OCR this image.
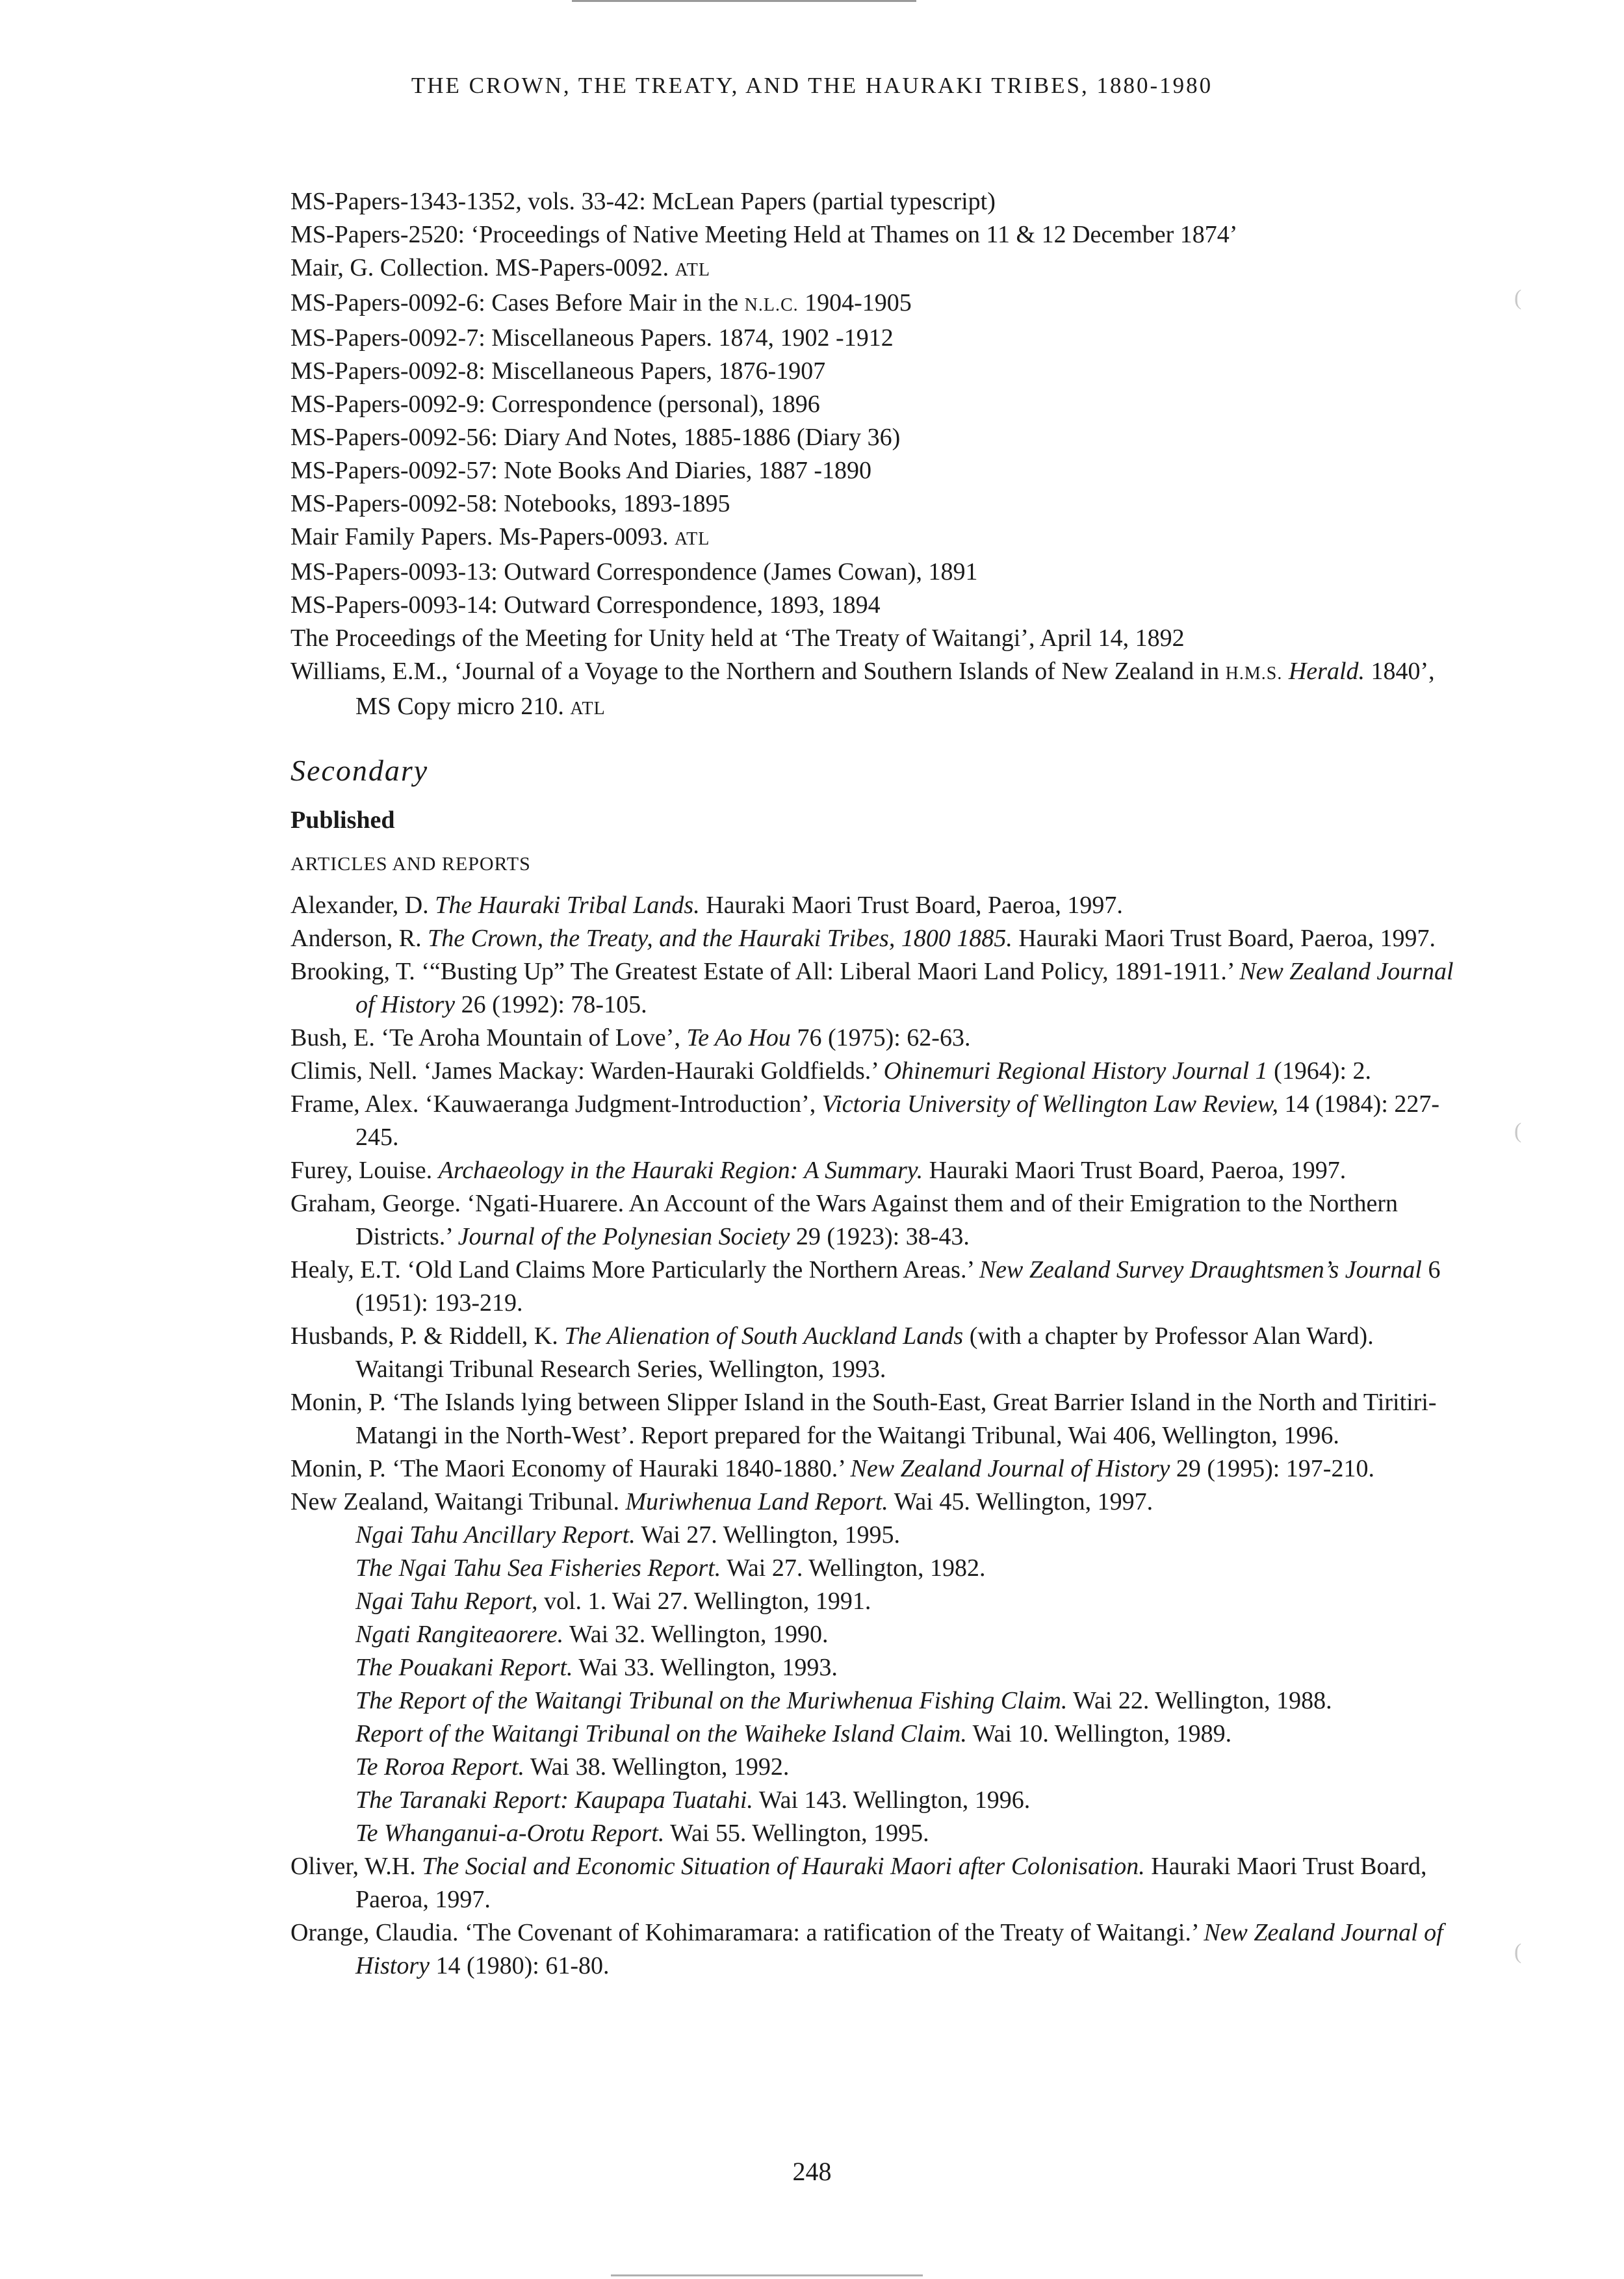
THE CROWN, THE TREATY, AND THE HAURAKI TRIBES, 1880-1980

MS-Papers-1343-1352, vols. 33-42: McLean Papers (partial typescript)

MS-Papers-2520: ‘Proceedings of Native Meeting Held at Thames on 11 & 12 December 1874’

Mair, G. Collection. MS-Papers-0092. ATL

MS-Papers-0092-6: Cases Before Mair in the N.L.C. 1904-1905

MS-Papers-0092-7: Miscellaneous Papers. 1874, 1902 -1912

MS-Papers-0092-8: Miscellaneous Papers, 1876-1907

MS-Papers-0092-9: Correspondence (personal), 1896

MS-Papers-0092-56: Diary And Notes, 1885-1886 (Diary 36)

MS-Papers-0092-57: Note Books And Diaries, 1887 -1890

MS-Papers-0092-58: Notebooks, 1893-1895

Mair Family Papers. Ms-Papers-0093. ATL

MS-Papers-0093-13: Outward Correspondence (James Cowan), 1891

MS-Papers-0093-14: Outward Correspondence, 1893, 1894

The Proceedings of the Meeting for Unity held at ‘The Treaty of Waitangi’, April 14, 1892

Williams, E.M., ‘Journal of a Voyage to the Northern and Southern Islands of New Zealand in H.M.S. Herald. 1840’, MS Copy micro 210. ATL

Secondary
Published
ARTICLES AND REPORTS

Alexander, D. The Hauraki Tribal Lands. Hauraki Maori Trust Board, Paeroa, 1997.

Anderson, R. The Crown, the Treaty, and the Hauraki Tribes, 1800 1885. Hauraki Maori Trust Board, Paeroa, 1997.

Brooking, T. ‘“Busting Up” The Greatest Estate of All: Liberal Maori Land Policy, 1891-1911.’ New Zealand Journal of History 26 (1992): 78-105.

Bush, E. ‘Te Aroha Mountain of Love’, Te Ao Hou 76 (1975): 62-63.

Climis, Nell. ‘James Mackay: Warden-Hauraki Goldfields.’ Ohinemuri Regional History Journal 1 (1964): 2.

Frame, Alex. ‘Kauwaeranga Judgment-Introduction’, Victoria University of Wellington Law Review, 14 (1984): 227-245.

Furey, Louise. Archaeology in the Hauraki Region: A Summary. Hauraki Maori Trust Board, Paeroa, 1997.

Graham, George. ‘Ngati-Huarere. An Account of the Wars Against them and of their Emigration to the Northern Districts.’ Journal of the Polynesian Society 29 (1923): 38-43.

Healy, E.T. ‘Old Land Claims More Particularly the Northern Areas.’ New Zealand Survey Draughtsmen’s Journal 6 (1951): 193-219.

Husbands, P. & Riddell, K. The Alienation of South Auckland Lands (with a chapter by Professor Alan Ward). Waitangi Tribunal Research Series, Wellington, 1993.

Monin, P. ‘The Islands lying between Slipper Island in the South-East, Great Barrier Island in the North and Tiritiri-Matangi in the North-West’. Report prepared for the Waitangi Tribunal, Wai 406, Wellington, 1996.

Monin, P. ‘The Maori Economy of Hauraki 1840-1880.’ New Zealand Journal of History 29 (1995): 197-210.

New Zealand, Waitangi Tribunal. Muriwhenua Land Report. Wai 45. Wellington, 1997.

Ngai Tahu Ancillary Report. Wai 27. Wellington, 1995.

The Ngai Tahu Sea Fisheries Report. Wai 27. Wellington, 1982.

Ngai Tahu Report, vol. 1. Wai 27. Wellington, 1991.

Ngati Rangiteaorere. Wai 32. Wellington, 1990.

The Pouakani Report. Wai 33. Wellington, 1993.

The Report of the Waitangi Tribunal on the Muriwhenua Fishing Claim. Wai 22. Wellington, 1988.

Report of the Waitangi Tribunal on the Waiheke Island Claim. Wai 10. Wellington, 1989.

Te Roroa Report. Wai 38. Wellington, 1992.

The Taranaki Report: Kaupapa Tuatahi. Wai 143. Wellington, 1996.

Te Whanganui-a-Orotu Report. Wai 55. Wellington, 1995.

Oliver, W.H. The Social and Economic Situation of Hauraki Maori after Colonisation. Hauraki Maori Trust Board, Paeroa, 1997.

Orange, Claudia. ‘The Covenant of Kohimaramara: a ratification of the Treaty of Waitangi.’ New Zealand Journal of History 14 (1980): 61-80.

(
(
(
248
